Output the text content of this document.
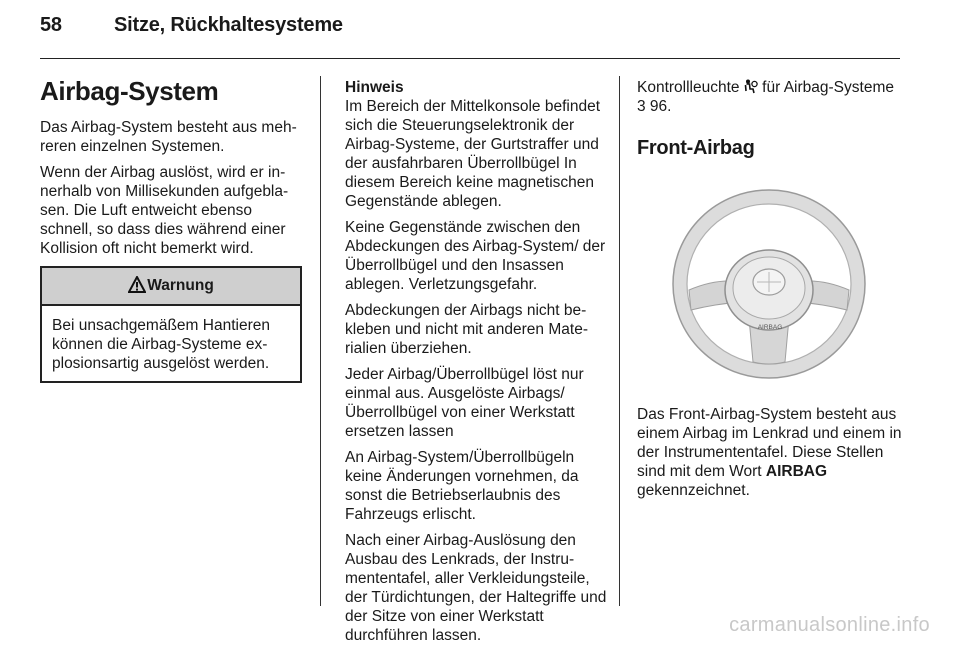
58	Sitze, Rückhaltesysteme
Airbag-System

Das Airbag-System besteht aus mehreren einzelnen Systemen.

Wenn der Airbag auslöst, wird er innerhalb von Millisekunden aufgeblasen. Die Luft entweicht ebenso schnell, so dass dies während einer Kollision oft nicht bemerkt wird.

Warnung
Bei unsachgemäßem Hantieren können die Airbag-Systeme explosionsartig ausgelöst werden.
Hinweis

Im Bereich der Mittelkonsole befindet sich die Steuerungselektronik der Airbag-Systeme, der Gurtstraffer und der ausfahrbaren Überrollbügel In diesem Bereich keine magnetischen Gegenstände ablegen.

Keine Gegenstände zwischen den Abdeckungen des Airbag-System/ der Überrollbügel und den Insassen ablegen. Verletzungsgefahr.

Abdeckungen der Airbags nicht bekleben und nicht mit anderen Materialien überziehen.

Jeder Airbag/Überrollbügel löst nur einmal aus. Ausgelöste Airbags/ Überrollbügel von einer Werkstatt ersetzen lassen

An Airbag-System/Überrollbügeln keine Änderungen vornehmen, da sonst die Betriebserlaubnis des Fahrzeugs erlischt.

Nach einer Airbag-Auslösung den Ausbau des Lenkrads, der Instrumententafel, aller Verkleidungsteile, der Türdichtungen, der Haltegriffe und der Sitze von einer Werkstatt durchführen lassen.

Kontrollleuchte für Airbag-Systeme
3 96.
Front-Airbag
AIRBAG

Das Front-Airbag-System besteht aus einem Airbag im Lenkrad und einem in der Instrumententafel. Diese Stellen sind mit dem Wort AIRBAG gekennzeichnet.

carmanualsonline.info
